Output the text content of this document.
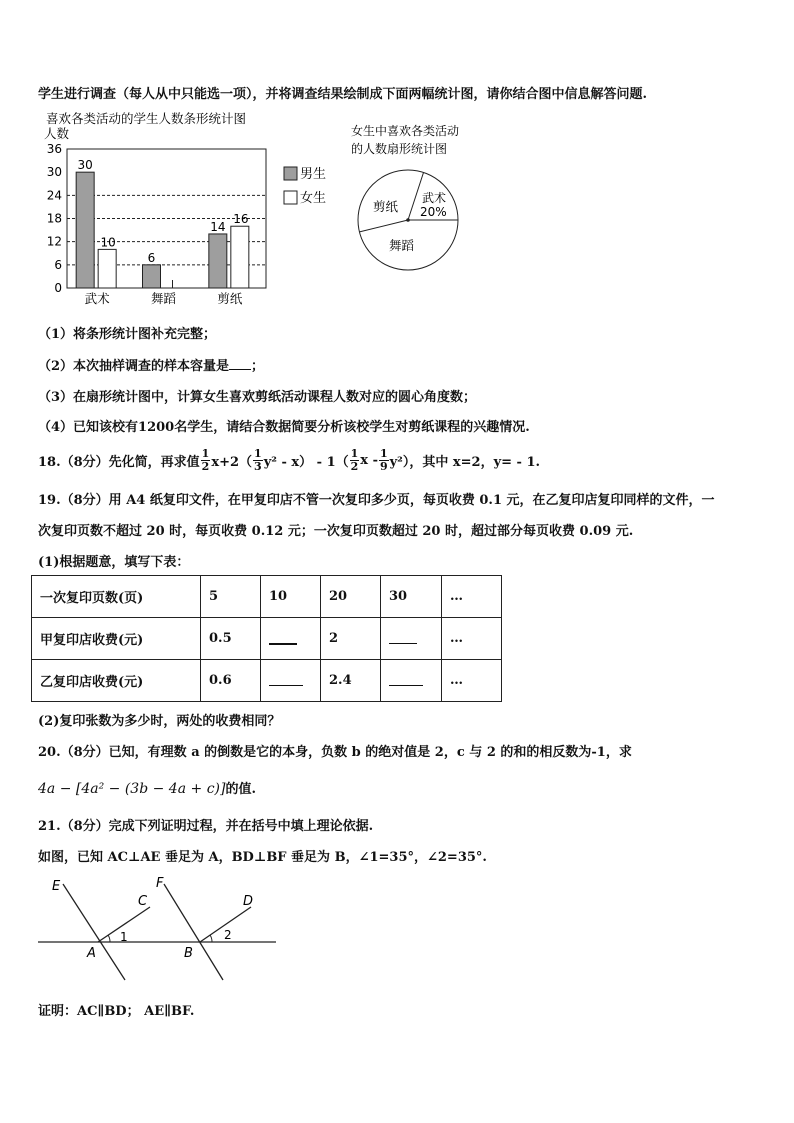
学生进行调查（每人从中只能选一项），并将调查结果绘制成下面两幅统计图，请你结合图中信息解答问题.
喜欢各类活动的学生人数条形统计图
人数
0
6
12
18
24
30
36
30
10
武术
6
舞蹈
14
16
剪纸
男生
女生
女生中喜欢各类活动
的人数扇形统计图
剪纸
武术
20%
舞蹈
（1）将条形统计图补充完整；
（2）本次抽样调查的样本容量是 ；
（3）在扇形统计图中，计算女生喜欢剪纸活动课程人数对应的圆心角度数；
（4）已知该校有1200名学生，请结合数据简要分析该校学生对剪纸课程的兴趣情况.
18.（8分）先化简，再求值 $\frac{1}{2} x+2( \frac{1}{3} y^2 - x) - 1( \frac{1}{2}$ x - $\frac{1}{9} y^2$），其中 x=2，y= - 1.
19.（8分）用 A4 纸复印文件，在甲复印店不管一次复印多少页，每页收费 0.1 元，在乙复印店复印同样的文件，一
次复印页数不超过 20 时，每页收费 0.12 元；一次复印页数超过 20 时，超过部分每页收费 0.09 元.
(1)根据题意，填写下表：
一次复印页数(页)	5	10	20	30	…
甲复印店收费(元)	0.5		2		…
乙复印店收费(元)	0.6		2.4		…
(2)复印张数为多少时，两处的收费相同？
20.（8分）已知，有理数 a 的倒数是它的本身，负数 b 的绝对值是 2，c 与 2 的和的相反数为-1，求
4a − [4a² − (3b − 4a + c)]的值.
21.（8分）完成下列证明过程，并在括号中填上理论依据.
如图，已知 AC⊥AE 垂足为 A，BD⊥BF 垂足为 B，∠1=35°，∠2=35°.
E
C
A
F
D
B
1	2
证明：AC∥BD； AE∥BF.
